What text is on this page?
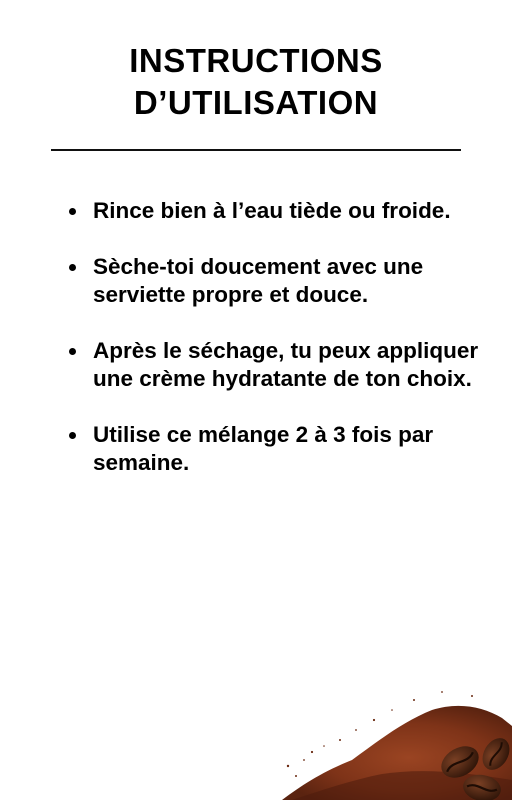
INSTRUCTIONS
D’UTILISATION
Rince bien à l’eau tiède ou froide.
Sèche-toi doucement avec une serviette propre et douce.
Après le séchage, tu peux appliquer une crème hydratante de ton choix.
Utilise ce mélange 2 à 3 fois par semaine.
